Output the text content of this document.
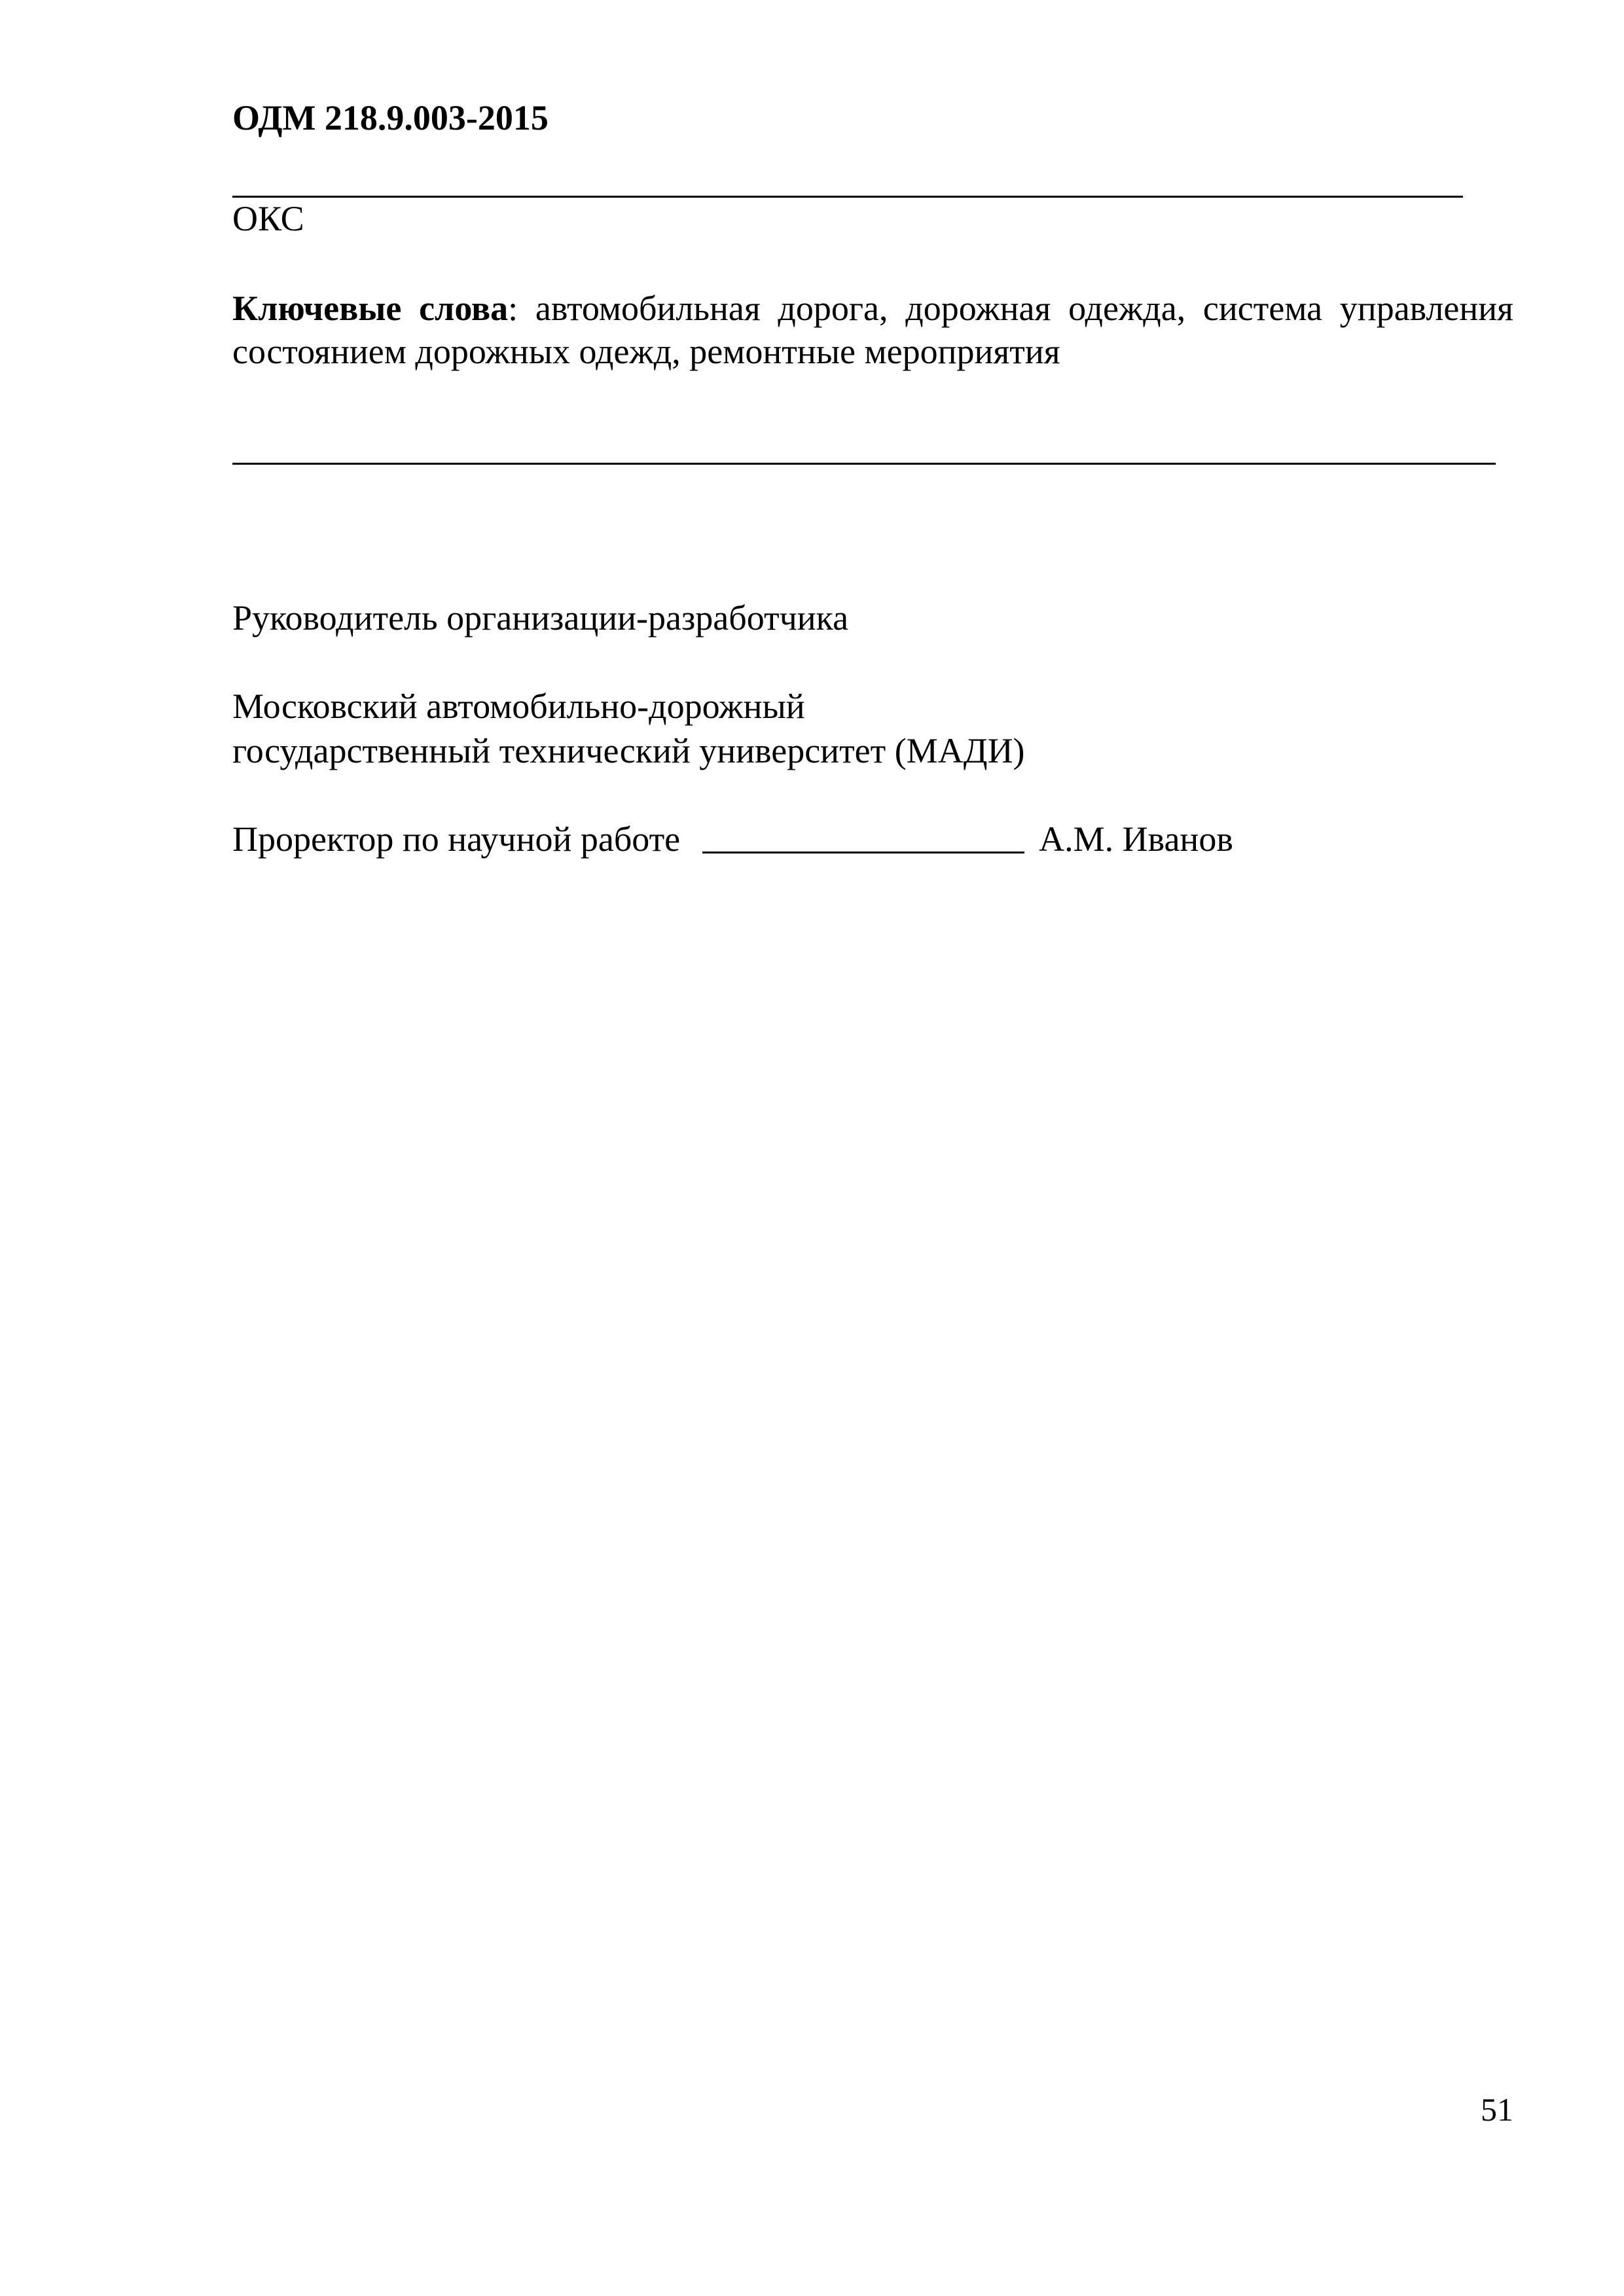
ОДМ 218.9.003-2015
ОКС
Ключевые слова: автомобильная дорога, дорожная одежда, система управления состоянием дорожных одежд, ремонтные мероприятия
Руководитель организации-разработчика
Московский автомобильно-дорожный
государственный технический университет (МАДИ)
Проректор по научной работе	А.М. Иванов
51
